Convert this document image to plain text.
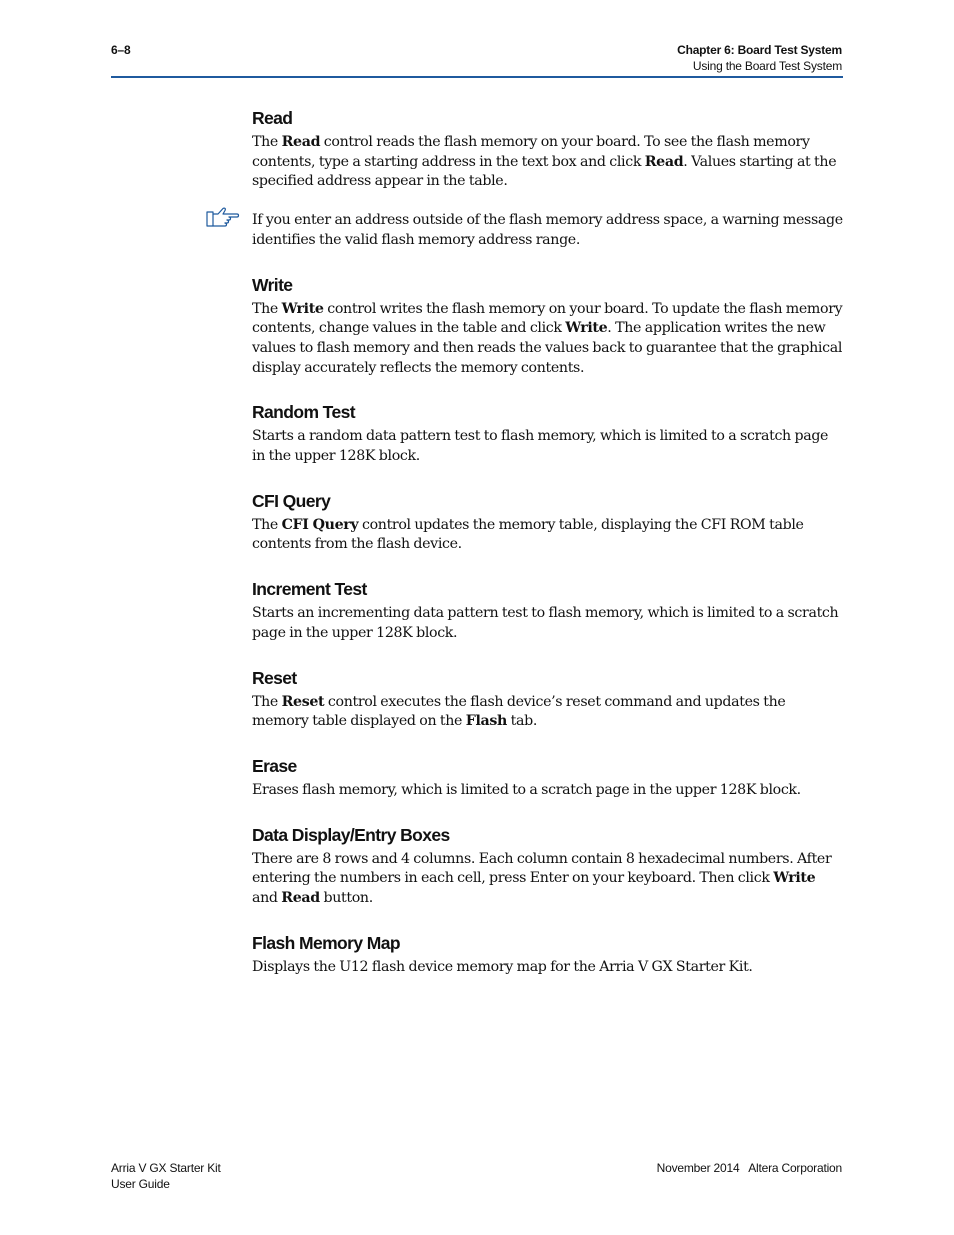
6–8	Chapter 6: Board Test System
Using the Board Test System
Read

The Read control reads the flash memory on your board. To see the flash memory contents, type a starting address in the text box and click Read. Values starting at the specified address appear in the table.

If you enter an address outside of the flash memory address space, a warning message identifies the valid flash memory address range.

Write

The Write control writes the flash memory on your board. To update the flash memory contents, change values in the table and click Write. The application writes the new values to flash memory and then reads the values back to guarantee that the graphical display accurately reflects the memory contents.

Random Test

Starts a random data pattern test to flash memory, which is limited to a scratch page in the upper 128K block.

CFI Query

The CFI Query control updates the memory table, displaying the CFI ROM table contents from the flash device.

Increment Test

Starts an incrementing data pattern test to flash memory, which is limited to a scratch page in the upper 128K block.

Reset

The Reset control executes the flash device’s reset command and updates the memory table displayed on the Flash tab.

Erase

Erases flash memory, which is limited to a scratch page in the upper 128K block.

Data Display/Entry Boxes

There are 8 rows and 4 columns. Each column contain 8 hexadecimal numbers. After entering the numbers in each cell, press Enter on your keyboard. Then click Write and Read button.

Flash Memory Map

Displays the U12 flash device memory map for the Arria V GX Starter Kit.

Arria V GX Starter Kit
User Guide
November 2014 Altera Corporation
